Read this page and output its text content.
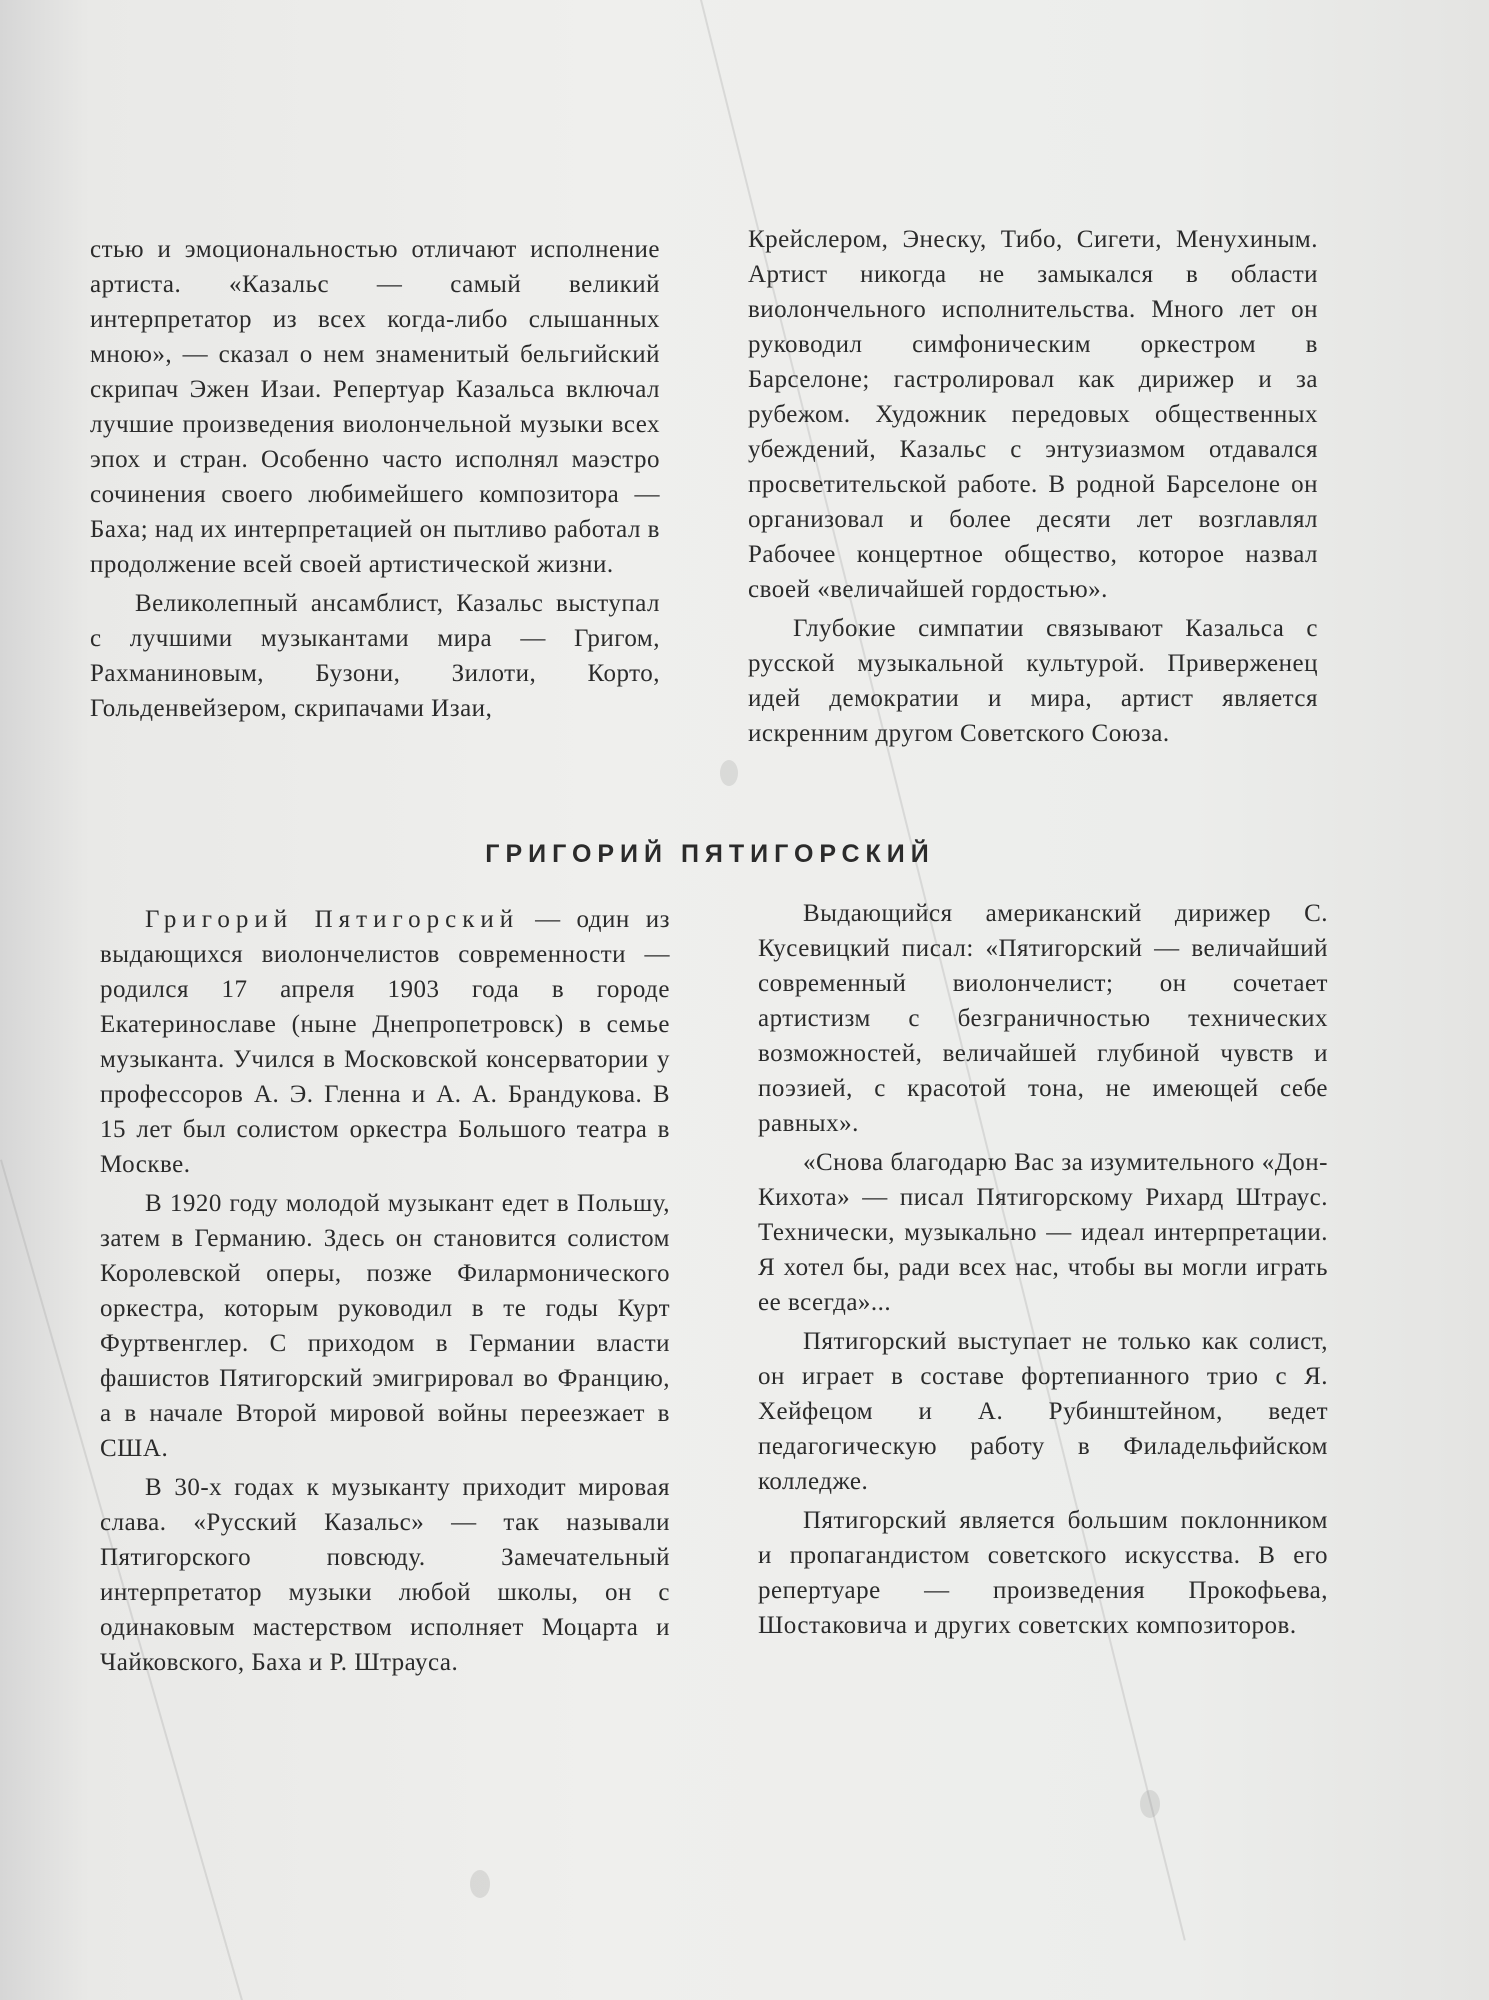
стью и эмоциональностью отличают исполнение артиста. «Казальс — самый великий интерпретатор из всех когда-либо слышанных мною», — сказал о нем знаменитый бельгийский скрипач Эжен Изаи. Репертуар Казальса включал лучшие произведения виолончельной музыки всех эпох и стран. Особенно часто исполнял маэстро сочинения своего любимейшего композитора — Баха; над их интерпретацией он пытливо работал в продолжение всей своей артистической жизни.

Великолепный ансамблист, Казальс выступал с лучшими музыкантами мира — Григом, Рахманиновым, Бузони, Зилоти, Корто, Гольденвейзером, скрипачами Изаи,

Крейслером, Энеску, Тибо, Сигети, Менухиным. Артист никогда не замыкался в области виолончельного исполнительства. Много лет он руководил симфоническим оркестром в Барселоне; гастролировал как дирижер и за рубежом. Художник передовых общественных убеждений, Казальс с энтузиазмом отдавался просветительской работе. В родной Барселоне он организовал и более десяти лет возглавлял Рабочее концертное общество, которое назвал своей «величайшей гордостью».

Глубокие симпатии связывают Казальса с русской музыкальной культурой. Приверженец идей демократии и мира, артист является искренним другом Советского Союза.

ГРИГОРИЙ ПЯТИГОРСКИЙ

Григорий Пятигорский — один из выдающихся виолончелистов современности — родился 17 апреля 1903 года в городе Екатеринославе (ныне Днепропетровск) в семье музыканта. Учился в Московской консерватории у профессоров А. Э. Гленна и А. А. Брандукова. В 15 лет был солистом оркестра Большого театра в Москве.

В 1920 году молодой музыкант едет в Польшу, затем в Германию. Здесь он становится солистом Королевской оперы, позже Филармонического оркестра, которым руководил в те годы Курт Фуртвенглер. С приходом в Германии власти фашистов Пятигорский эмигрировал во Францию, а в начале Второй мировой войны переезжает в США.

В 30-х годах к музыканту приходит мировая слава. «Русский Казальс» — так называли Пятигорского повсюду. Замечательный интерпретатор музыки любой школы, он с одинаковым мастерством исполняет Моцарта и Чайковского, Баха и Р. Штрауса.

Выдающийся американский дирижер С. Кусевицкий писал: «Пятигорский — величайший современный виолончелист; он сочетает артистизм с безграничностью технических возможностей, величайшей глубиной чувств и поэзией, с красотой тона, не имеющей себе равных».

«Снова благодарю Вас за изумительного «Дон-Кихота» — писал Пятигорскому Рихард Штраус. Технически, музыкально — идеал интерпретации. Я хотел бы, ради всех нас, чтобы вы могли играть ее всегда»...

Пятигорский выступает не только как солист, он играет в составе фортепианного трио с Я. Хейфецом и А. Рубинштейном, ведет педагогическую работу в Филадельфийском колледже.

Пятигорский является большим поклонником и пропагандистом советского искусства. В его репертуаре — произведения Прокофьева, Шостаковича и других советских композиторов.
